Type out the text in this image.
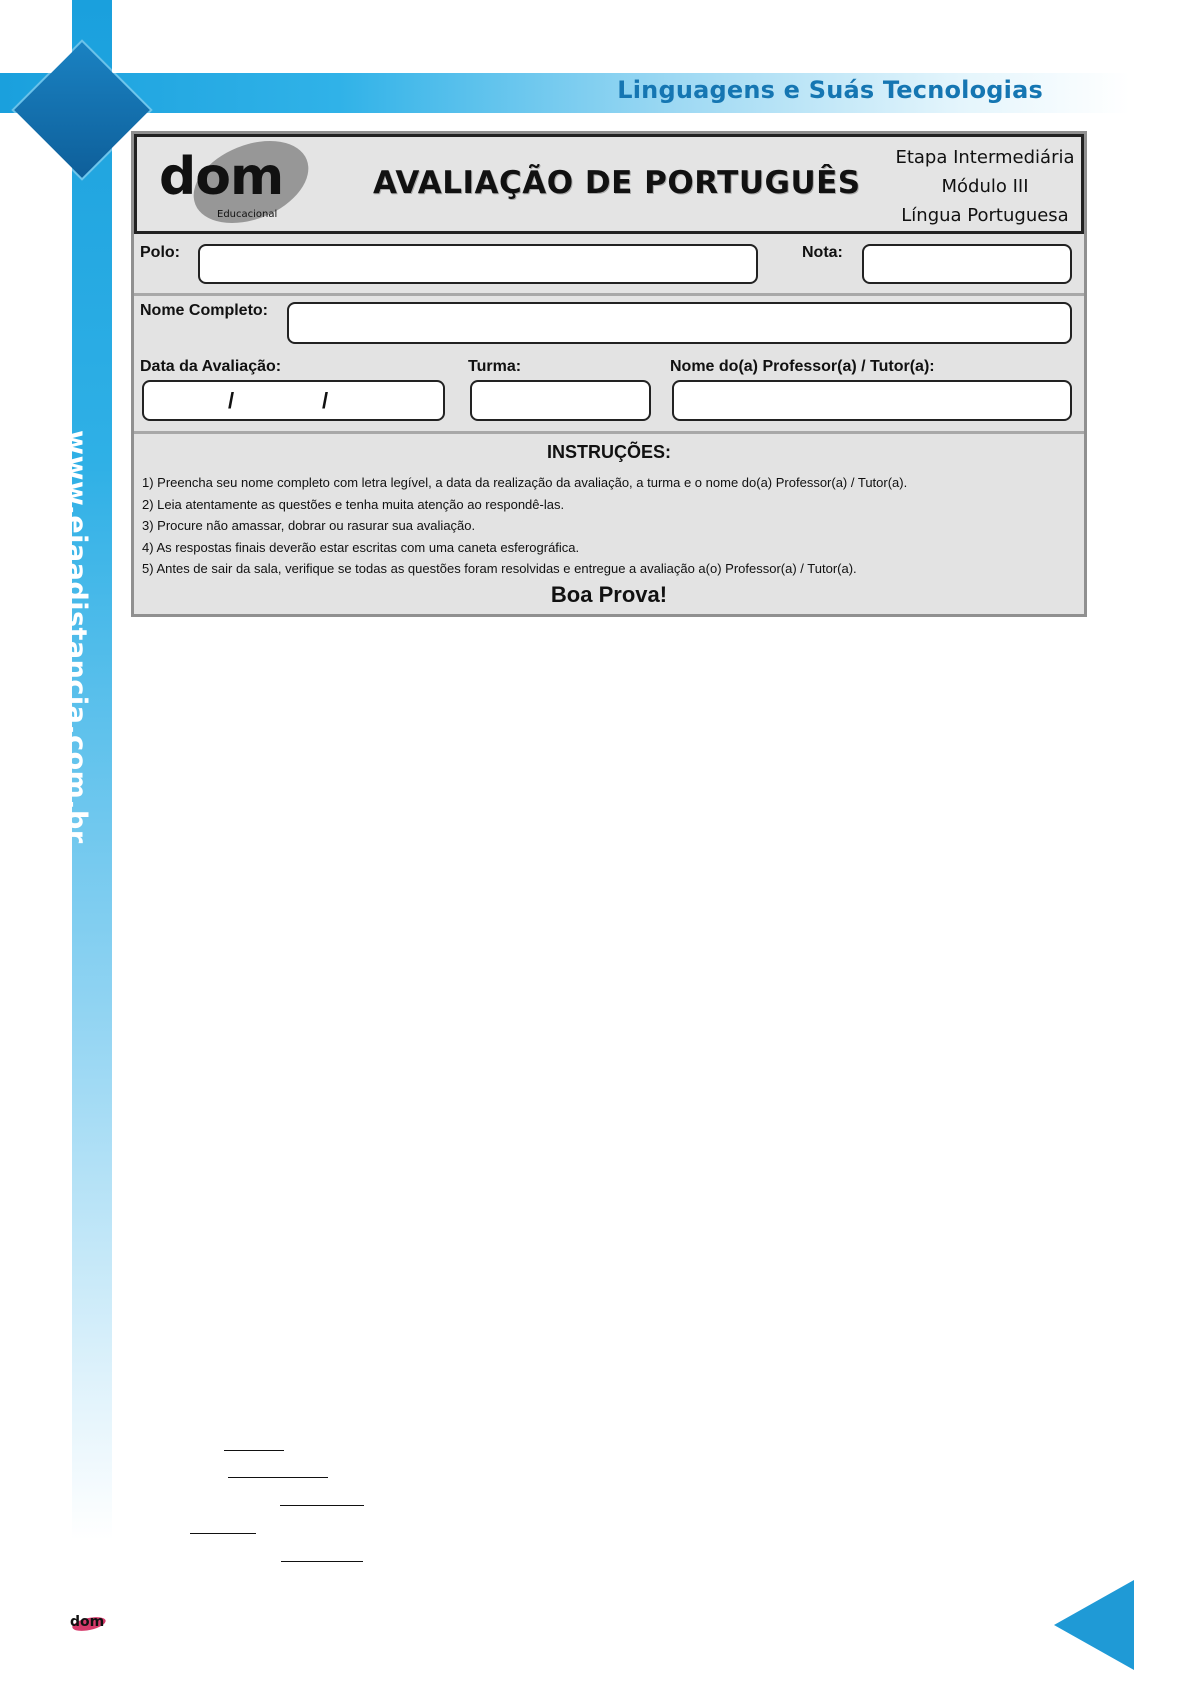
Linguagens e Suás Tecnologias
www.ejaadistancia.com.br
dom
Educacional
AVALIAÇÃO DE PORTUGUÊS
Etapa Intermediária
Módulo III
Língua Portuguesa
Polo:	Nota:
Nome Completo:
Data da Avaliação:
/	/
Turma:	Nome do(a) Professor(a) / Tutor(a):
INSTRUÇÕES:
1) Preencha seu nome completo com letra legível, a data da realização da avaliação, a turma e o nome do(a) Professor(a) / Tutor(a).
2) Leia atentamente as questões e tenha muita atenção ao respondê-las.
3) Procure não amassar, dobrar ou rasurar sua avaliação.
4) As respostas finais deverão estar escritas com uma caneta esferográfica.
5) Antes de sair da sala, verifique se todas as questões foram resolvidas e entregue a avaliação a(o) Professor(a) / Tutor(a).
Boa Prova!
dom
